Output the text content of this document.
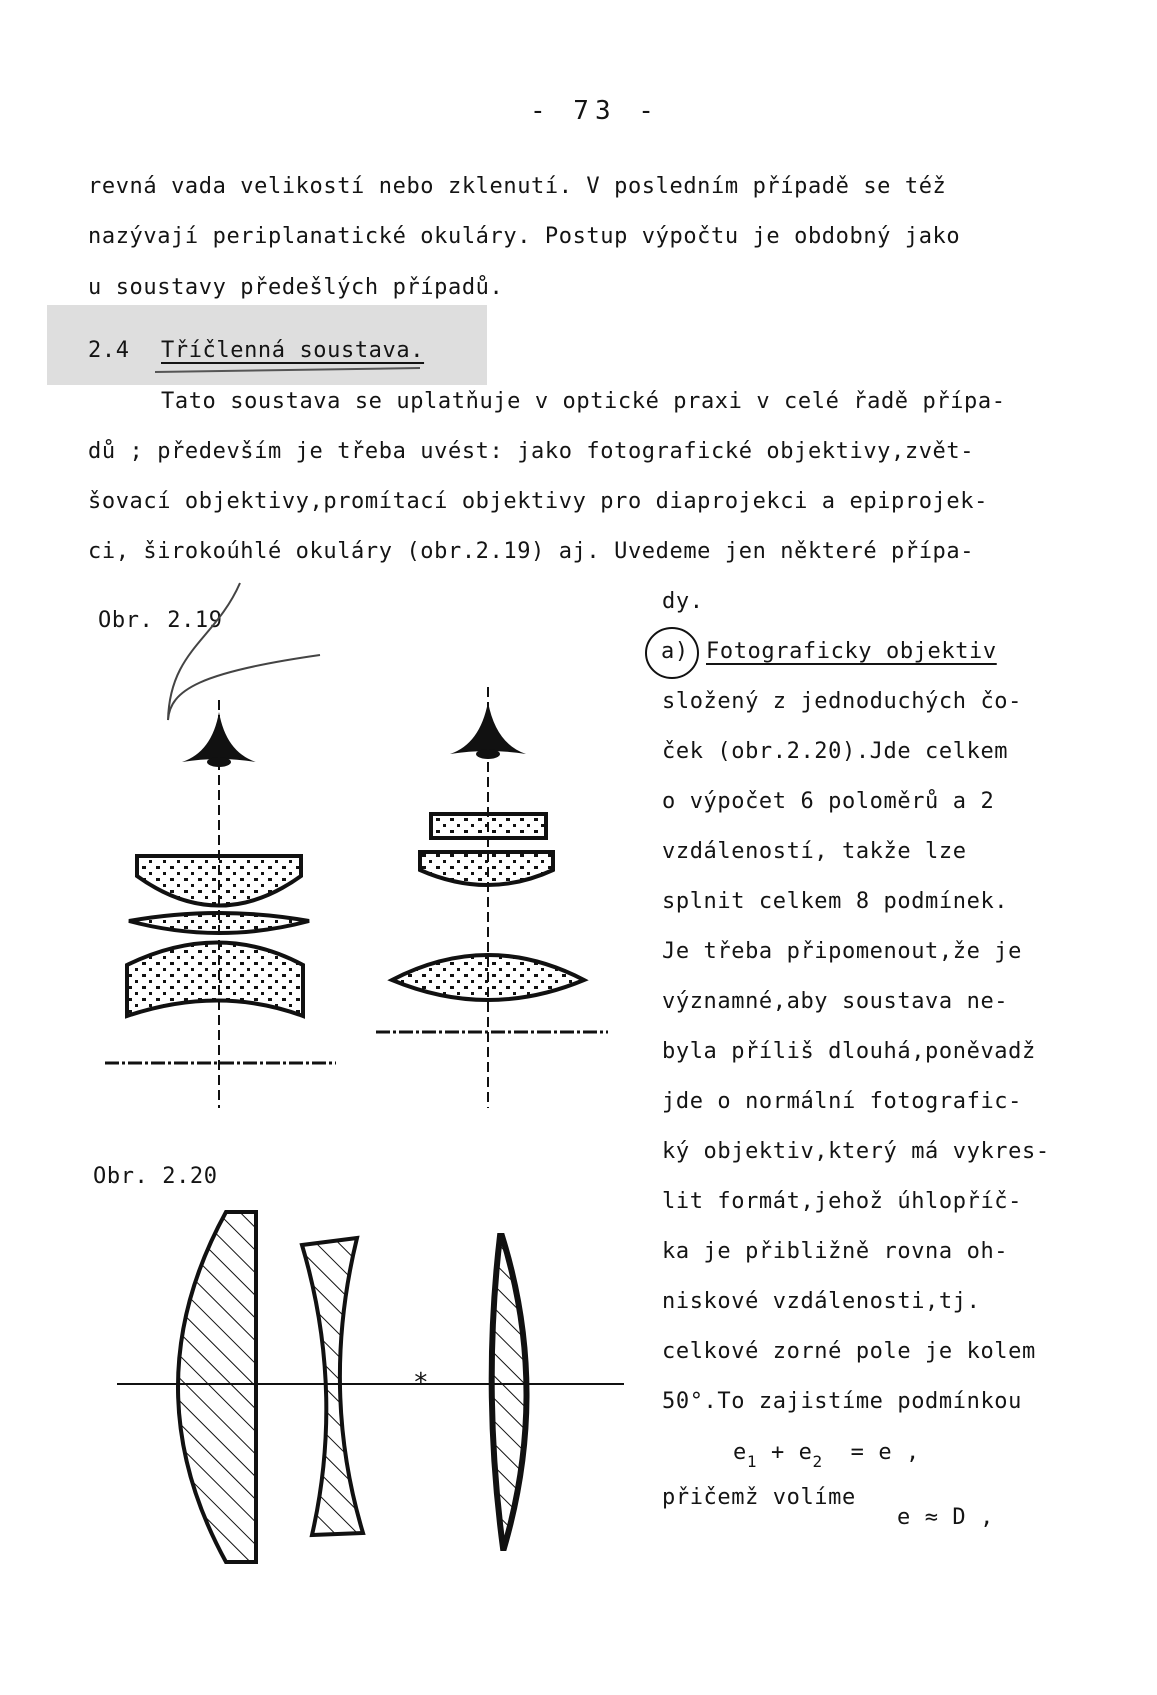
- 73 -
revná vada velikostí nebo zklenutí. V posledním případě se též
nazývají periplanatické okuláry. Postup výpočtu je obdobný jako
u soustavy předešlých případů.
2.4 Tříčlenná soustava.
Tato soustava se uplatňuje v optické praxi v celé řadě přípa-
dů ; především je třeba uvést: jako fotografické objektivy,zvět-
šovací objektivy,promítací objektivy pro diaprojekci a epiprojek-
ci, širokoúhlé okuláry (obr.2.19) aj. Uvedeme jen některé přípa-
dy.
Obr. 2.19
Obr. 2.20
a) Fotograficky objektiv
složený z jednoduchých čo-
ček (obr.2.20).Jde celkem
o výpočet 6 poloměrů a 2
vzdáleností, takže lze
splnit celkem 8 podmínek.
Je třeba připomenout,že je
významné,aby soustava ne-
byla příliš dlouhá,poněvadž
jde o normální fotografic-
ký objektiv,který má vykres-
lit formát,jehož úhlopříč-
ka je přibližně rovna oh-
niskové vzdálenosti,tj.
celkové zorné pole je kolem
50°.To zajistíme podmínkou
$e_1 + e_2 = e$ ,
přičemž volíme
e ≈ D ,
*
